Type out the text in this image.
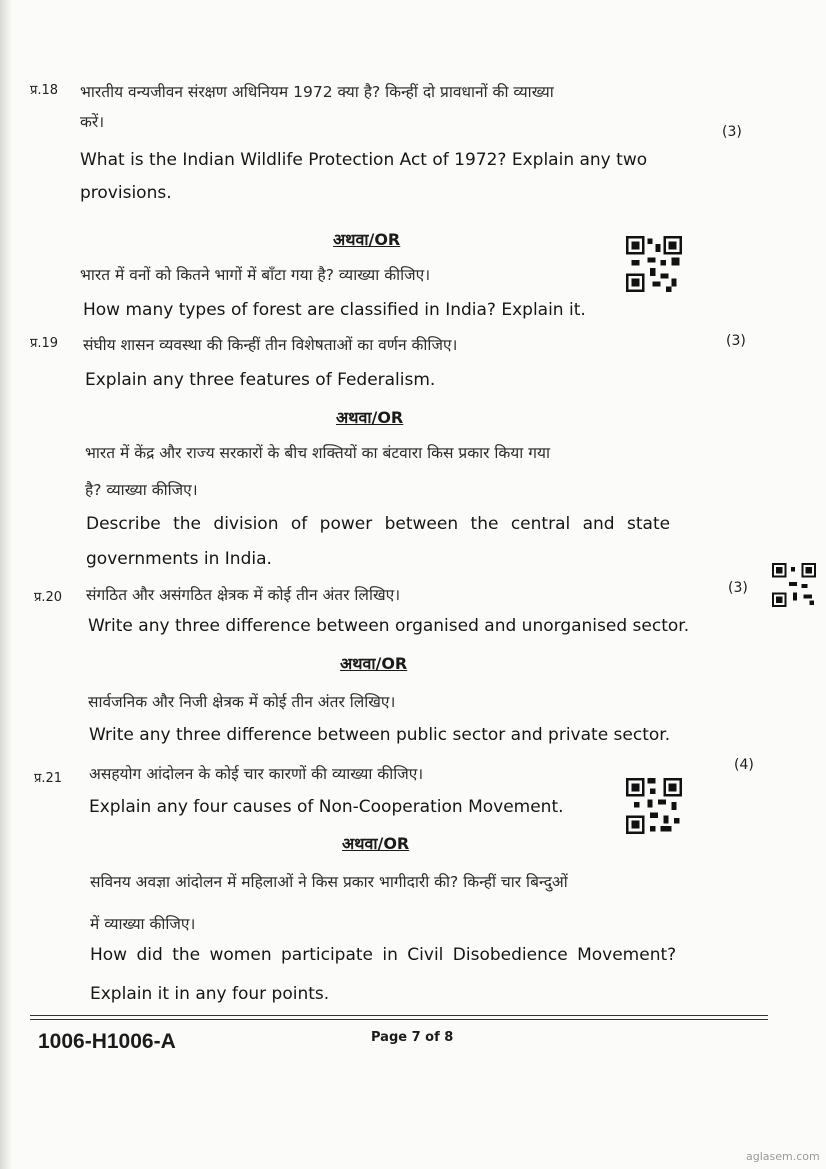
प्र.18 भारतीय वन्यजीवन संरक्षण अधिनियम 1972 क्या है? किन्हीं दो प्रावधानों की व्याख्या
करें।
(3)
What is the Indian Wildlife Protection Act of 1972? Explain any two
provisions.
अथवा/OR
भारत में वनों को कितने भागों में बाँटा गया है? व्याख्या कीजिए।
How many types of forest are classified in India? Explain it.
प्र.19 संघीय शासन व्यवस्था की किन्हीं तीन विशेषताओं का वर्णन कीजिए।	(3)
Explain any three features of Federalism.
अथवा/OR
भारत में केंद्र और राज्य सरकारों के बीच शक्तियों का बंटवारा किस प्रकार किया गया
है? व्याख्या कीजिए।
Describe the division of power between the central and state
governments in India.
प्र.20 संगठित और असंगठित क्षेत्रक में कोई तीन अंतर लिखिए।	(3)
Write any three difference between organised and unorganised sector.
अथवा/OR
सार्वजनिक और निजी क्षेत्रक में कोई तीन अंतर लिखिए।
Write any three difference between public sector and private sector.
प्र.21 असहयोग आंदोलन के कोई चार कारणों की व्याख्या कीजिए।	(4)
Explain any four causes of Non-Cooperation Movement.
अथवा/OR
सविनय अवज्ञा आंदोलन में महिलाओं ने किस प्रकार भागीदारी की? किन्हीं चार बिन्दुओं
में व्याख्या कीजिए।
How did the women participate in Civil Disobedience Movement?
Explain it in any four points.
1006-H1006-A	Page 7 of 8
aglasem.com
